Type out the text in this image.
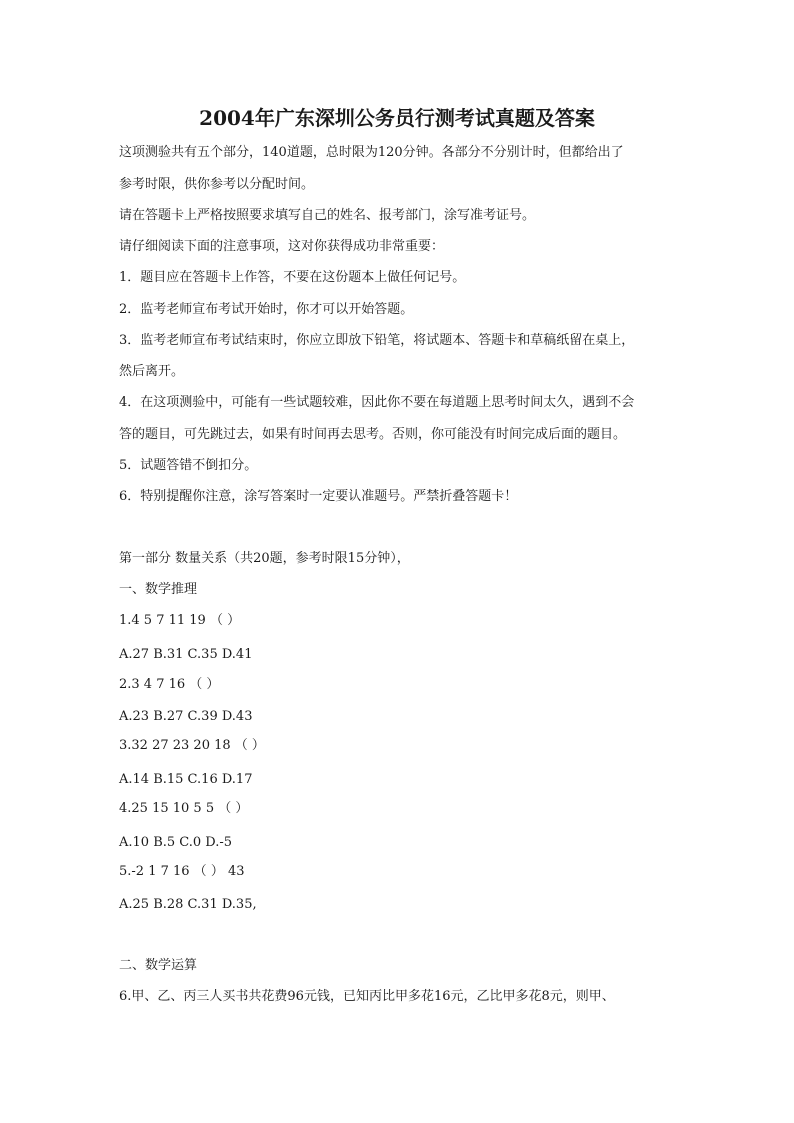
2004年广东深圳公务员行测考试真题及答案
这项测验共有五个部分，140道题，总时限为120分钟。各部分不分别计时，但都给出了
参考时限，供你参考以分配时间。
请在答题卡上严格按照要求填写自己的姓名、报考部门，涂写准考证号。
请仔细阅读下面的注意事项，这对你获得成功非常重要：
1．题目应在答题卡上作答，不要在这份题本上做任何记号。
2．监考老师宣布考试开始时，你才可以开始答题。
3．监考老师宣布考试结束时，你应立即放下铅笔，将试题本、答题卡和草稿纸留在桌上，
然后离开。
4．在这项测验中，可能有一些试题较难，因此你不要在每道题上思考时间太久，遇到不会
答的题目，可先跳过去，如果有时间再去思考。否则，你可能没有时间完成后面的题目。
5．试题答错不倒扣分。
6．特别提醒你注意，涂写答案时一定要认准题号。严禁折叠答题卡！
第一部分 数量关系（共20题，参考时限15分钟），
一、数学推理
1.4 5 7 11 19 （ ）
A.27 B.31 C.35 D.41
2.3 4 7 16 （ ）
A.23 B.27 C.39 D.43
3.32 27 23 20 18 （ ）
A.14 B.15 C.16 D.17
4.25 15 10 5 5 （ ）
A.10 B.5 C.0 D.-5
5.-2 1 7 16 （ ） 43
A.25 B.28 C.31 D.35,
二、数学运算
6.甲、乙、丙三人买书共花费96元钱，已知丙比甲多花16元，乙比甲多花8元，则甲、
